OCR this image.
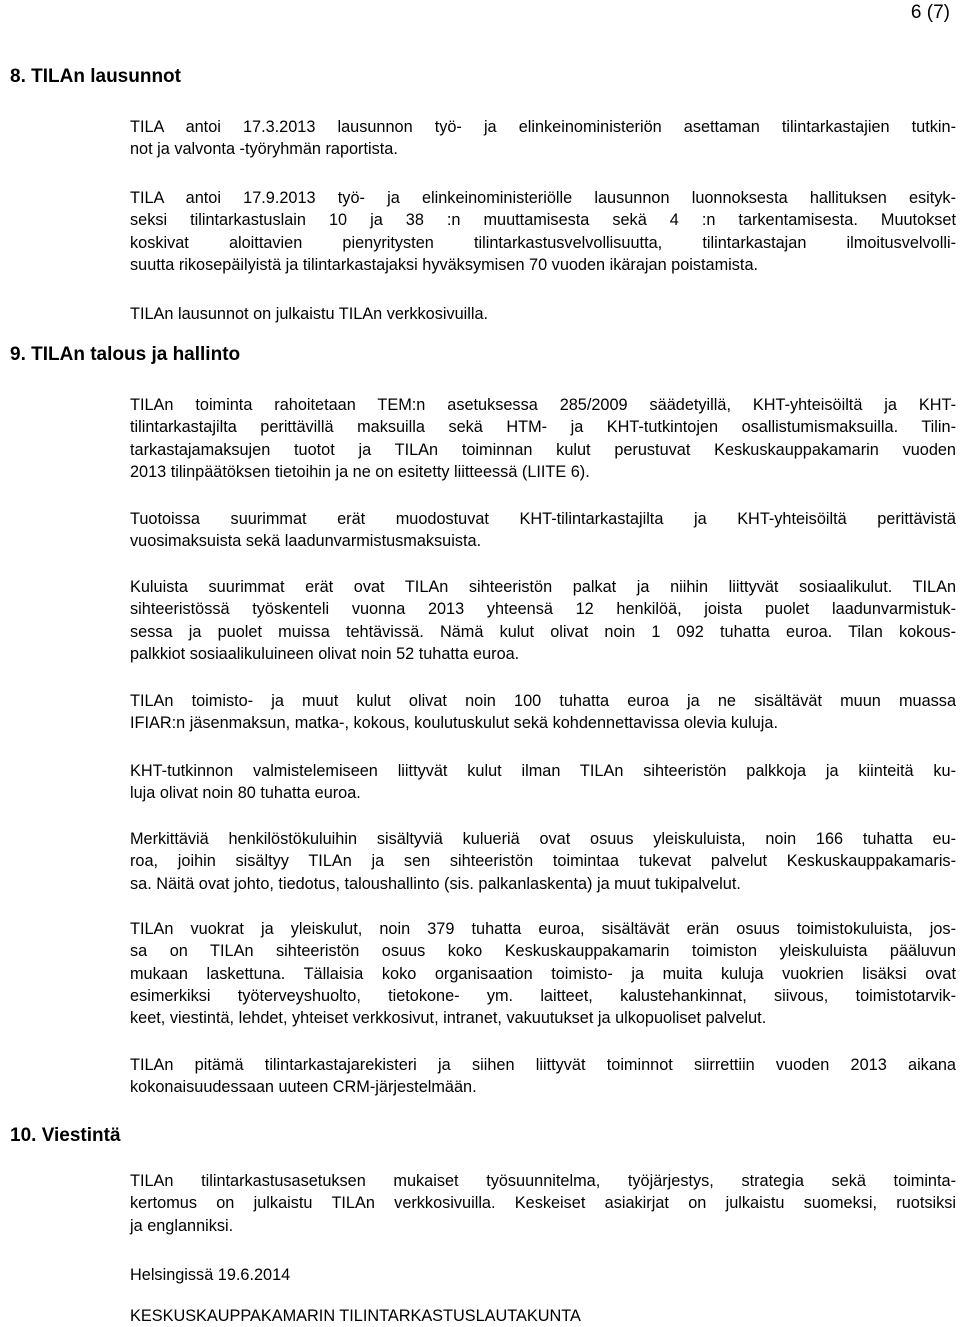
6 (7)
8. TILAn lausunnot
TILA antoi 17.3.2013 lausunnon työ- ja elinkeinoministeriön asettaman tilintarkastajien tutkin-
not ja valvonta -työryhmän raportista.
TILA antoi 17.9.2013 työ- ja elinkeinoministeriölle lausunnon luonnoksesta hallituksen esityk-
seksi tilintarkastuslain 10 ja 38 :n muuttamisesta sekä 4 :n tarkentamisesta. Muutokset
koskivat aloittavien pienyritysten tilintarkastusvelvollisuutta, tilintarkastajan ilmoitusvelvolli-
suutta rikosepäilyistä ja tilintarkastajaksi hyväksymisen 70 vuoden ikärajan poistamista.

TILAn lausunnot on julkaistu TILAn verkkosivuilla.

9. TILAn talous ja hallinto
TILAn toiminta rahoitetaan TEM:n asetuksessa 285/2009 säädetyillä, KHT-yhteisöiltä ja KHT-
tilintarkastajilta perittävillä maksuilla sekä HTM- ja KHT-tutkintojen osallistumismaksuilla. Tilin-
tarkastajamaksujen tuotot ja TILAn toiminnan kulut perustuvat Keskuskauppakamarin vuoden
2013 tilinpäätöksen tietoihin ja ne on esitetty liitteessä (LIITE 6).
Tuotoissa suurimmat erät muodostuvat KHT-tilintarkastajilta ja KHT-yhteisöiltä perittävistä
vuosimaksuista sekä laadunvarmistusmaksuista.
Kuluista suurimmat erät ovat TILAn sihteeristön palkat ja niihin liittyvät sosiaalikulut. TILAn
sihteeristössä työskenteli vuonna 2013 yhteensä 12 henkilöä, joista puolet laadunvarmistuk-
sessa ja puolet muissa tehtävissä. Nämä kulut olivat noin 1 092 tuhatta euroa. Tilan kokous-
palkkiot sosiaalikuluineen olivat noin 52 tuhatta euroa.
TILAn toimisto- ja muut kulut olivat noin 100 tuhatta euroa ja ne sisältävät muun muassa
IFIAR:n jäsenmaksun, matka-, kokous, koulutuskulut sekä kohdennettavissa olevia kuluja.
KHT-tutkinnon valmistelemiseen liittyvät kulut ilman TILAn sihteeristön palkkoja ja kiinteitä ku-
luja olivat noin 80 tuhatta euroa.
Merkittäviä henkilöstökuluihin sisältyviä kulueriä ovat osuus yleiskuluista, noin 166 tuhatta eu-
roa, joihin sisältyy TILAn ja sen sihteeristön toimintaa tukevat palvelut Keskuskauppakamaris-
sa. Näitä ovat johto, tiedotus, taloushallinto (sis. palkanlaskenta) ja muut tukipalvelut.
TILAn vuokrat ja yleiskulut, noin 379 tuhatta euroa, sisältävät erän osuus toimistokuluista, jos-
sa on TILAn sihteeristön osuus koko Keskuskauppakamarin toimiston yleiskuluista pääluvun
mukaan laskettuna. Tällaisia koko organisaation toimisto- ja muita kuluja vuokrien lisäksi ovat
esimerkiksi työterveyshuolto, tietokone- ym. laitteet, kalustehankinnat, siivous, toimistotarvik-
keet, viestintä, lehdet, yhteiset verkkosivut, intranet, vakuutukset ja ulkopuoliset palvelut.
TILAn pitämä tilintarkastajarekisteri ja siihen liittyvät toiminnot siirrettiin vuoden 2013 aikana
kokonaisuudessaan uuteen CRM-järjestelmään.
10. Viestintä
TILAn tilintarkastusasetuksen mukaiset työsuunnitelma, työjärjestys, strategia sekä toiminta-
kertomus on julkaistu TILAn verkkosivuilla. Keskeiset asiakirjat on julkaistu suomeksi, ruotsiksi
ja englanniksi.

Helsingissä 19.6.2014

KESKUSKAUPPAKAMARIN TILINTARKASTUSLAUTAKUNTA
